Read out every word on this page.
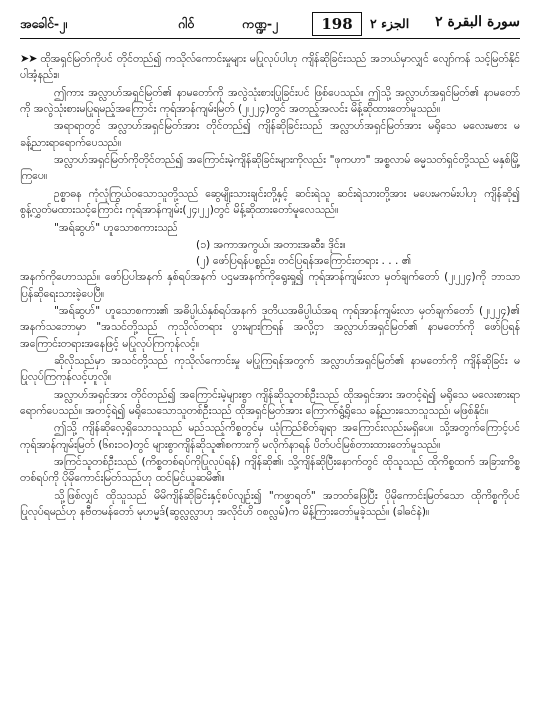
အခေါင်-၂၊	ဂါဝ်	ကဏ္ဍ-၂	198	الجزء ٢ سورة البقرة ٢

➤➤ ထိုအရှင်မြတ်ကိုပင် တိုင်တည်၍ ကသိုလ်ကောင်းမှုများ မပြုလုပ်ပါဟု ကျိန်ဆိုခြင်းသည် အဘယ်မှာလျှင် လျော်ကန် သင့်မြတ်နိုင်ပါအံ့နည်း။

ဤကား အလ္လာဟ်အရှင်မြတ်၏ နာမတော်ကို အလွဲသုံးစားပြုခြင်းပင် ဖြစ်ပေသည်။ ဤသို့ အလ္လာဟ်အရှင်မြတ်၏ နာမတော်ကို အလွဲသုံးစားမပြုရမည့်အကြောင်း ကုရ်အာန်ကျမ်းမြတ် (၂၊၂၂၄)တွင် အတည့်အလင်း မိန့်ဆိုထားတော်မူသည်။

အရာရာတွင် အလ္လာဟ်အရှင်မြတ်အား တိုင်တည်၍ ကျိန်ဆိုခြင်းသည် အလ္လာဟ်အရှင်မြတ်အား မရိုသေ မလေးမစား မခန့်ညားရာရောက်ပေသည်။

အလ္လာဟ်အရှင်မြတ်ကိုတိုင်တည်၍ အကြောင်းမဲ့ကျိန်ဆိုခြင်းများကိုလည်း "ဖုကဟာ" အစ္စလာမ် ဓမ္မသတ်ရှင်တို့သည် မနှစ်မြို့ကြပေ။

ဥစ္စာဓန ကုံလုံကြွယ်ဝသောသူတို့သည် ဆွေမျိုးသားချင်းတို့နှင့် ဆင်းရဲသူ ဆင်းရဲသားတို့အား မပေးမကမ်းပါဟု ကျိန်ဆို၍ စွန့်လွှတ်မထားသင့်ကြောင်း ကုရ်အာန်ကျမ်း(၂၄၊၂၂)တွင် မိန့်ဆိုထားတော်မူလေသည်။

"အရ်ဆွဟ်" ဟူသောစကားသည်

(၁) အကာအကွယ်၊ အတားအဆီး၊ ဒိုင်း။

(၂) ဖော်ပြရန်ပစ္စည်း၊ တင်ပြရန်အကြောင်းတရား . . . ၏

အနက်ကိုဟောသည်။ ဖော်ပြပါအနက် နှစ်ရပ်အနက် ပဌမအနက်ကိုရွေးရှု၍ ကုရ်အာန်ကျမ်းလာ မှတ်ချက်တော် (၂၊၂၂၄)ကို ဘာသာပြန်ဆိုရေးသားခဲ့ပေပြီ။

"အရ်ဆွဟ်" ဟူသောစကား၏ အဓိပ္ပါယ်နှစ်ရပ်အနက် ဒုတိယအဓိပ္ပါယ်အရ ကုရ်အာန်ကျမ်းလာ မှတ်ချက်တော် (၂၊၂၂၄)၏ အနက်သဘောမှာ "အသင်တို့သည် ကုသိုလ်တရား ပွားများကြရန် အလို့ငှာ အလ္လာဟ်အရှင်မြတ်၏ နာမတော်ကို ဖော်ပြရန် အကြောင်းတရားအနေဖြင့် မပြုလုပ်ကြကုန်လင့်။

ဆိုလိုသည်မှာ အသင်တို့သည် ကုသိုလ်ကောင်းမှု မပြုကြရန်အတွက် အလ္လာဟ်အရှင်မြတ်၏ နာမတော်ကို ကျိန်ဆိုခြင်း မပြုလုပ်ကြကုန်လင့်ဟူလို။

အလ္လာဟ်အရှင်အား တိုင်တည်၍ အကြောင်းမဲ့များစွာ ကျိန်ဆိုသူတစ်ဦးသည် ထိုအရှင်အား အတင့်ရဲ၍ မရိုသေ မလေးစားရာ ရောက်ပေသည်။ အတင့်ရဲ၍ မရိုသေသောသူတစ်ဦးသည် ထိုအရှင်မြတ်အား ကြောက်ရွံ့ရိုသေ ခန့်ညားသောသူသည်၊ မဖြစ်နိုင်။

ဤသို့ ကျိန်ဆိုလေ့ရှိသောသူသည် မည်သည့်ကိစ္စတွင်မှ ယုံကြည်စိတ်ချရာ အကြောင်းလည်းမရှိပေ။ သို့အတွက်ကြောင့်ပင် ကုရ်အာန်ကျမ်းမြတ် (၆၈း၁၀)တွင် များစွာကျိန်ဆိုသူ၏စကားကို မလိုက်နာရန် ပိတ်ပင်မြစ်တားထားတော်မူသည်။

အကြင်သူတစ်ဦးသည် (ကိစ္စတစ်ရပ်ကိုပြုလုပ်ရန်) ကျိန်ဆို၏၊ သို့ကျိန်ဆိုပြီးနောက်တွင် ထိုသူသည် ထိုကိစ္စထက် အခြားကိစ္စတစ်ရပ်ကို ပိုမိုကောင်းမြတ်သည်ဟု ထင်မြင်ယူဆမိ၏။

သို့ဖြစ်လျှင် ထိုသူသည် မိမိကျိန်ဆိုခြင်းနှင့်စပ်လျဉ်း၍ "ကဖ္ဖာရတ်" အဘတ်ဖြေပြီး ပိုမိုကောင်းမြတ်သော ထိုကိစ္စကိုပင်ပြုလုပ်ရမည်ဟု နဗီတမန်တော် မုဟမ္မဒ်(ဆွလ္လလ္လာဟု အလိုင်ဟိ ဝစလ္လမ်)က မိန့်ကြားတော်မူခဲ့သည်။ (ခါဓင်နဲ)။
